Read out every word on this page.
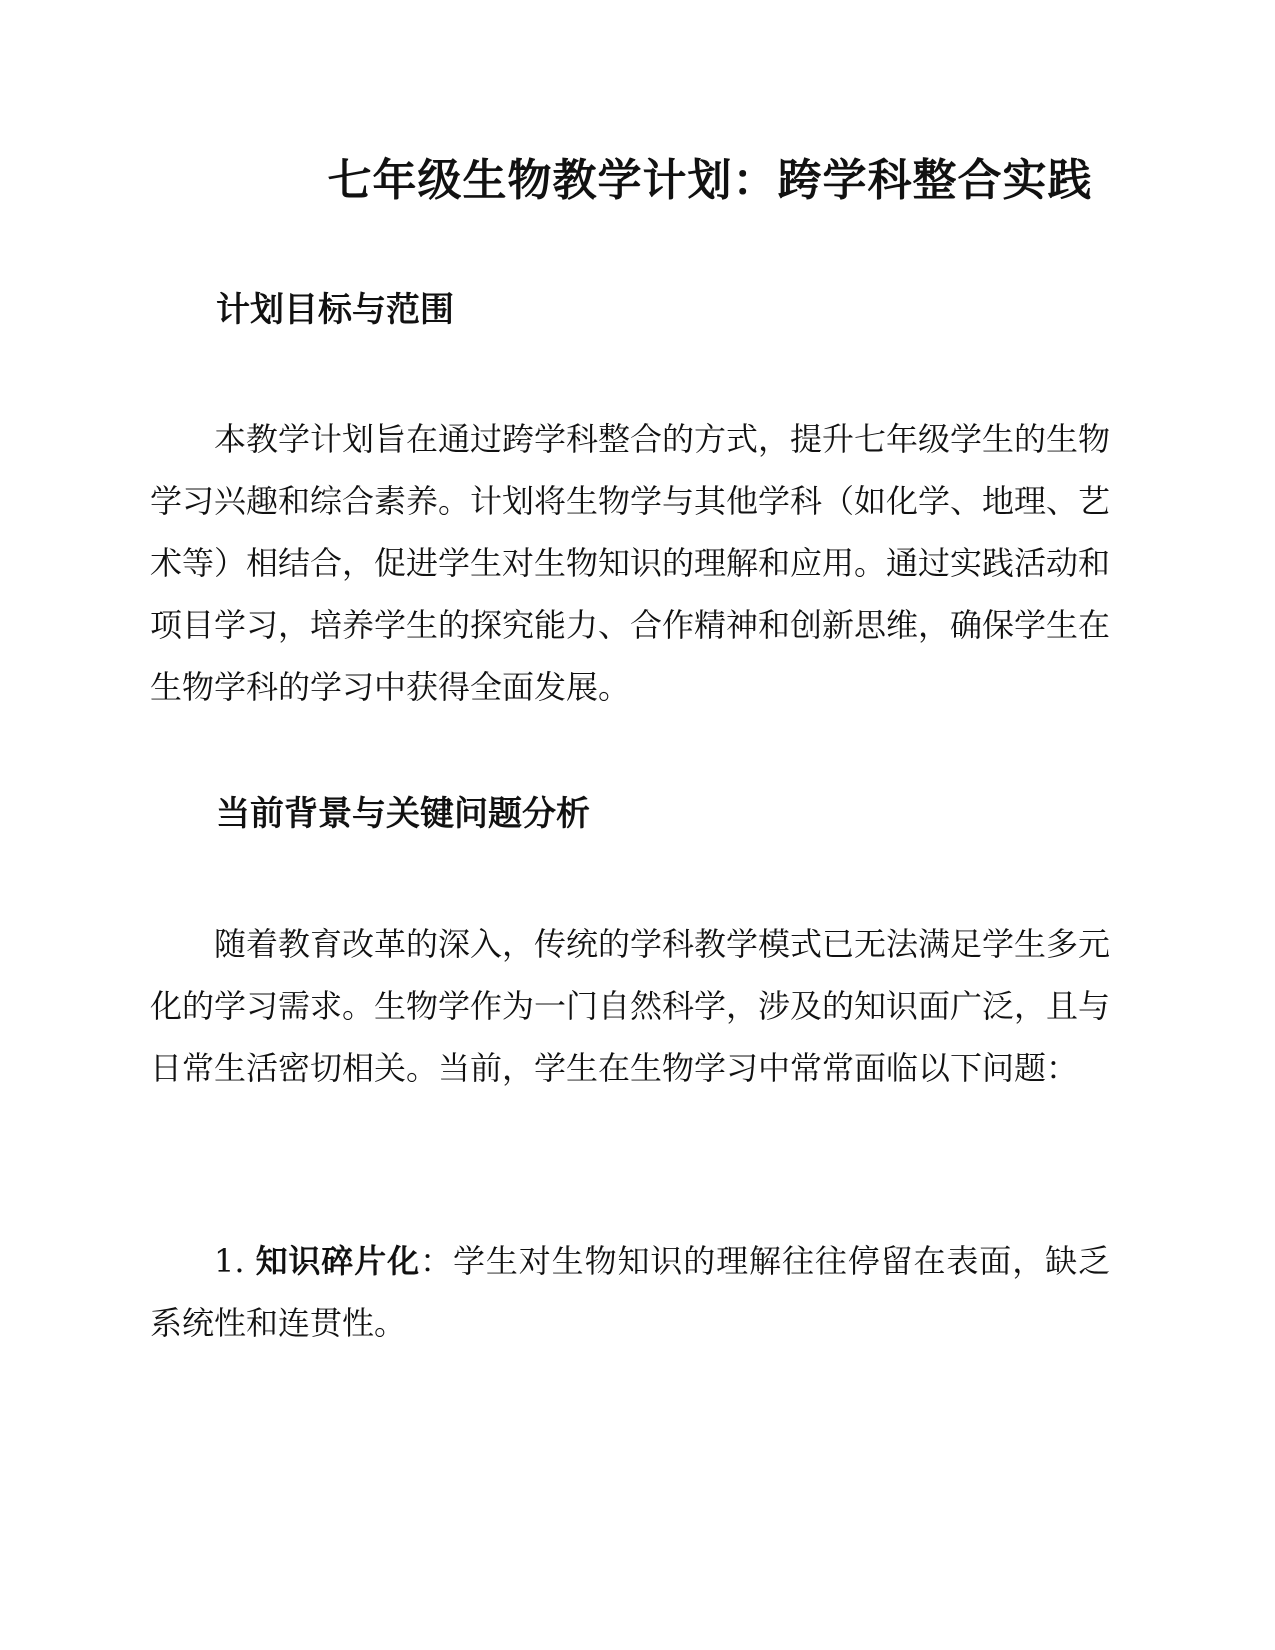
七年级生物教学计划：跨学科整合实践
计划目标与范围

本教学计划旨在通过跨学科整合的方式，提升七年级学生的生物学习兴趣和综合素养。计划将生物学与其他学科（如化学、地理、艺术等）相结合，促进学生对生物知识的理解和应用。通过实践活动和项目学习，培养学生的探究能力、合作精神和创新思维，确保学生在生物学科的学习中获得全面发展。

当前背景与关键问题分析

随着教育改革的深入，传统的学科教学模式已无法满足学生多元化的学习需求。生物学作为一门自然科学，涉及的知识面广泛，且与日常生活密切相关。当前，学生在生物学习中常常面临以下问题：

1. 知识碎片化：学生对生物知识的理解往往停留在表面，缺乏系统性和连贯性。
